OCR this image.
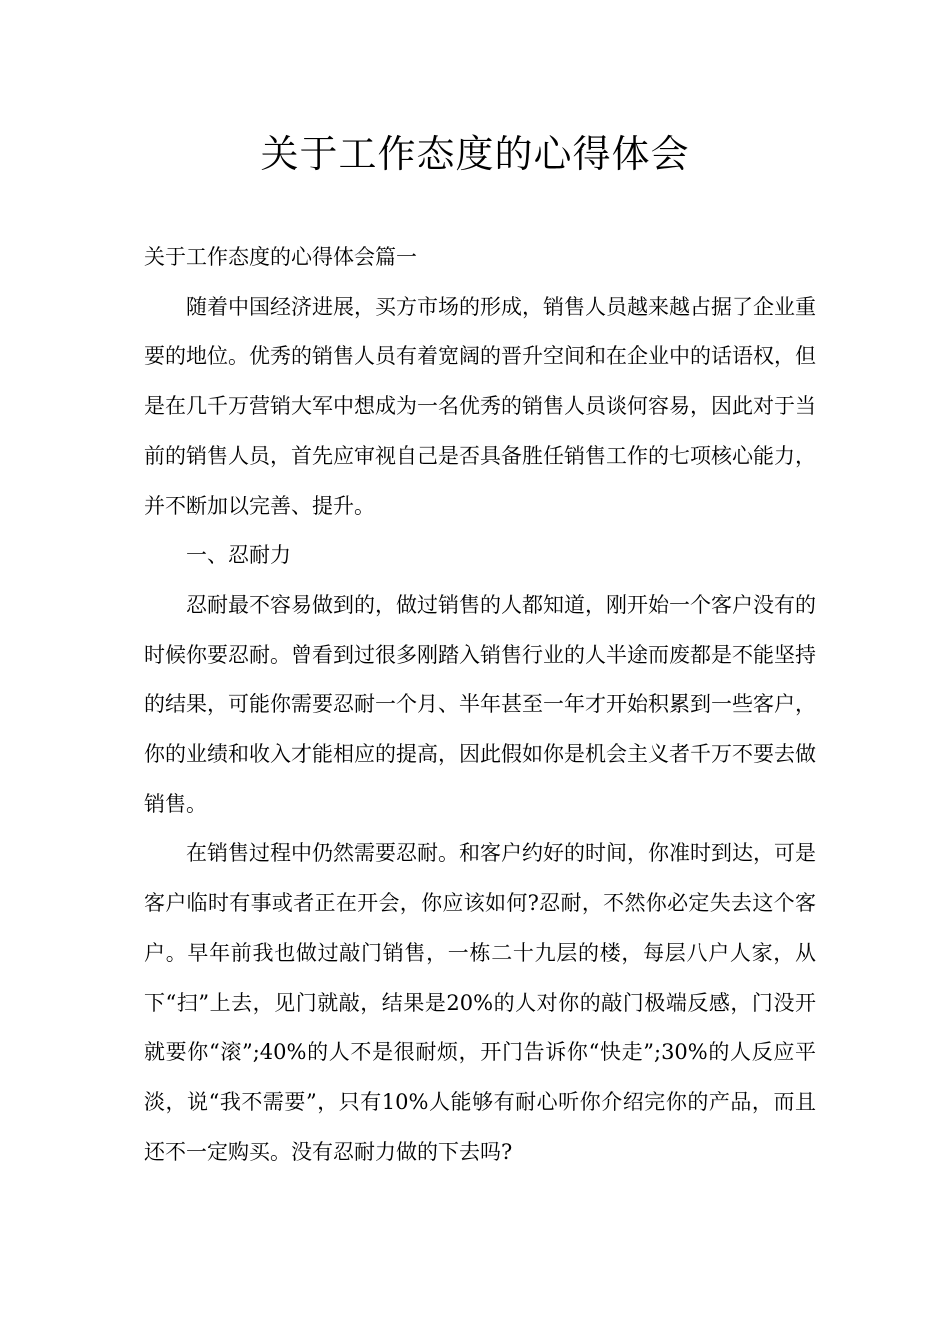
关于工作态度的心得体会

关于工作态度的心得体会篇一

随着中国经济进展，买方市场的形成，销售人员越来越占据了企业重要的地位。优秀的销售人员有着宽阔的晋升空间和在企业中的话语权，但是在几千万营销大军中想成为一名优秀的销售人员谈何容易，因此对于当前的销售人员，首先应审视自己是否具备胜任销售工作的七项核心能力，并不断加以完善、提升。

一、忍耐力

忍耐最不容易做到的，做过销售的人都知道，刚开始一个客户没有的时候你要忍耐。曾看到过很多刚踏入销售行业的人半途而废都是不能坚持的结果，可能你需要忍耐一个月、半年甚至一年才开始积累到一些客户，你的业绩和收入才能相应的提高，因此假如你是机会主义者千万不要去做销售。

在销售过程中仍然需要忍耐。和客户约好的时间，你准时到达，可是客户临时有事或者正在开会，你应该如何?忍耐，不然你必定失去这个客户。早年前我也做过敲门销售，一栋二十九层的楼，每层八户人家，从下“扫”上去，见门就敲，结果是20%的人对你的敲门极端反感，门没开就要你“滚”;40%的人不是很耐烦，开门告诉你“快走”;30%的人反应平淡，说“我不需要”，只有10%人能够有耐心听你介绍完你的产品，而且还不一定购买。没有忍耐力做的下去吗?
